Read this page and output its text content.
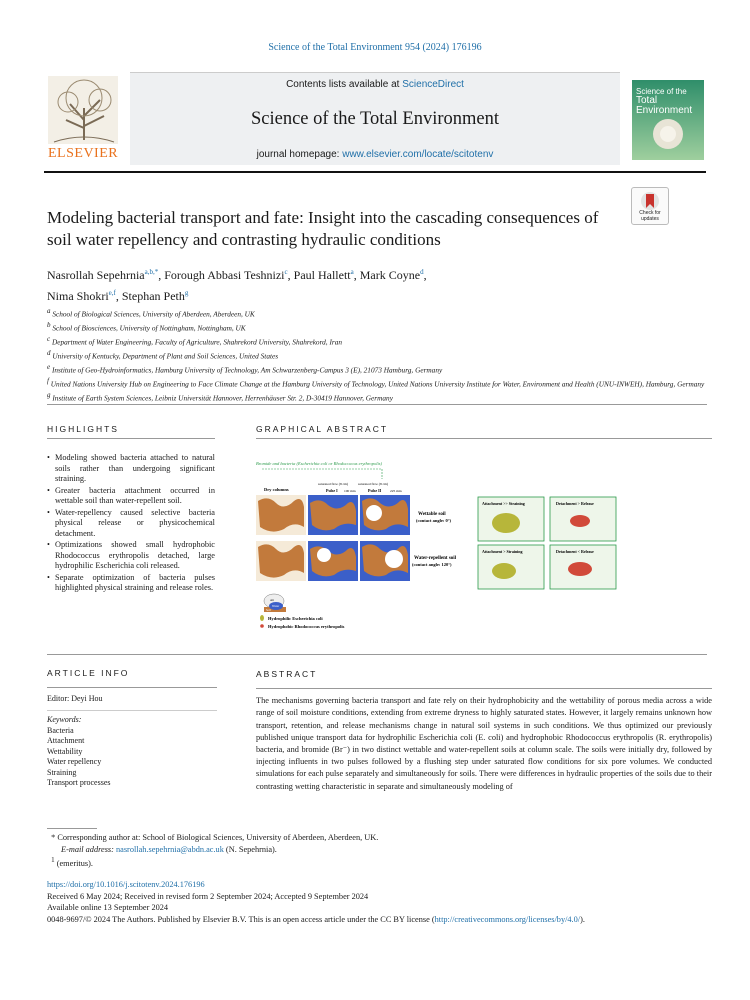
Science of the Total Environment 954 (2024) 176196
ELSEVIER
Contents lists available at ScienceDirect
Science of the Total Environment
journal homepage: www.elsevier.com/locate/scitotenv
Science of the
Total Environment
Check for updates
Modeling bacterial transport and fate: Insight into the cascading consequences of soil water repellency and contrasting hydraulic conditions
Nasrollah Sepehrnia$^{a,b,*}$, Forough Abbasi Teshnizi$^c$, Paul Hallett$^a$, Mark Coyne$^d$,
Nima Shokri$^{e,f}$, Stephan Peth$^g$
$^a$ School of Biological Sciences, University of Aberdeen, Aberdeen, UK
$^b$ School of Biosciences, University of Nottingham, Nottingham, UK
$^c$ Department of Water Engineering, Faculty of Agriculture, Shahrekord University, Shahrekord, Iran
$^d$ University of Kentucky, Department of Plant and Soil Sciences, United States
$^e$ Institute of Geo-Hydroinformatics, Hamburg University of Technology, Am Schwarzenberg-Campus 3 (E), 21073 Hamburg, Germany
$^f$ United Nations University Hub on Engineering to Face Climate Change at the Hamburg University of Technology, United Nations University Institute for Water, Environment and Health (UNU-INWEH), Hamburg, Germany
$^g$ Institute of Earth System Sciences, Leibniz Universität Hannover, Herrenhäuser Str. 2, D-30419 Hannover, Germany
HIGHLIGHTS
• Modeling showed bacteria attached to natural soils rather than undergoing significant straining.
• Greater bacteria attachment occurred in wettable soil than water-repellent soil.
• Water-repellency caused selective bacteria physical release or physicochemical detachment.
• Optimizations showed small hydrophobic Rhodococcus erythropolis detached, large hydrophilic Escherichia coli released.
• Separate optimization of bacteria pulses highlighted physical straining and release roles.
GRAPHICAL ABSTRACT
Bromide and bacteria (Escherichia coli or Rhodococcus erythropolis)
Dry columns
saturated flow (8 cm)	saturated flow (8 cm)
Pulse I 100 min	Pulse II	225 min
Wettable soil
(contact angle: 0°)
Water-repellent soil
(contact angle: 120°)
Attachment >> Straining	Detachment > Release
Attachment > Straining	Detachment < Release
Air
Soil
Water
Hydrophilic Escherichia coli
Hydrophobic Rhodococcus erythropolis
ARTICLE INFO
Editor: Deyi Hou
Keywords:
Bacteria
Attachment
Wettability
Water repellency
Straining
Transport processes
ABSTRACT
The mechanisms governing bacteria transport and fate rely on their hydrophobicity and the wettability of porous media across a wide range of soil moisture conditions, extending from extreme dryness to highly saturated states. However, it largely remains unknown how transport, retention, and release mechanisms change in natural soil systems in such conditions. We thus optimized our previously published unique transport data for hydrophilic Escherichia coli (E. coli) and hydrophobic Rhodococcus erythropolis (R. erythropolis) bacteria, and bromide (Br⁻) in two distinct wettable and water-repellent soils at column scale. The soils were initially dry, followed by injecting influents in two pulses followed by a flushing step under saturated flow conditions for six pore volumes. We conducted simulations for each pulse separately and simultaneously for soils. There were differences in hydraulic properties of the soils due to their contrasting wetting characteristic in separate and simultaneously modeling of
* Corresponding author at: School of Biological Sciences, University of Aberdeen, Aberdeen, UK.
E-mail address: nasrollah.sepehrnia@abdn.ac.uk (N. Sepehrnia).
$^1$ (emeritus).
https://doi.org/10.1016/j.scitotenv.2024.176196
Received 6 May 2024; Received in revised form 2 September 2024; Accepted 9 September 2024
Available online 13 September 2024
0048-9697/© 2024 The Authors. Published by Elsevier B.V. This is an open access article under the CC BY license (http://creativecommons.org/licenses/by/4.0/).
